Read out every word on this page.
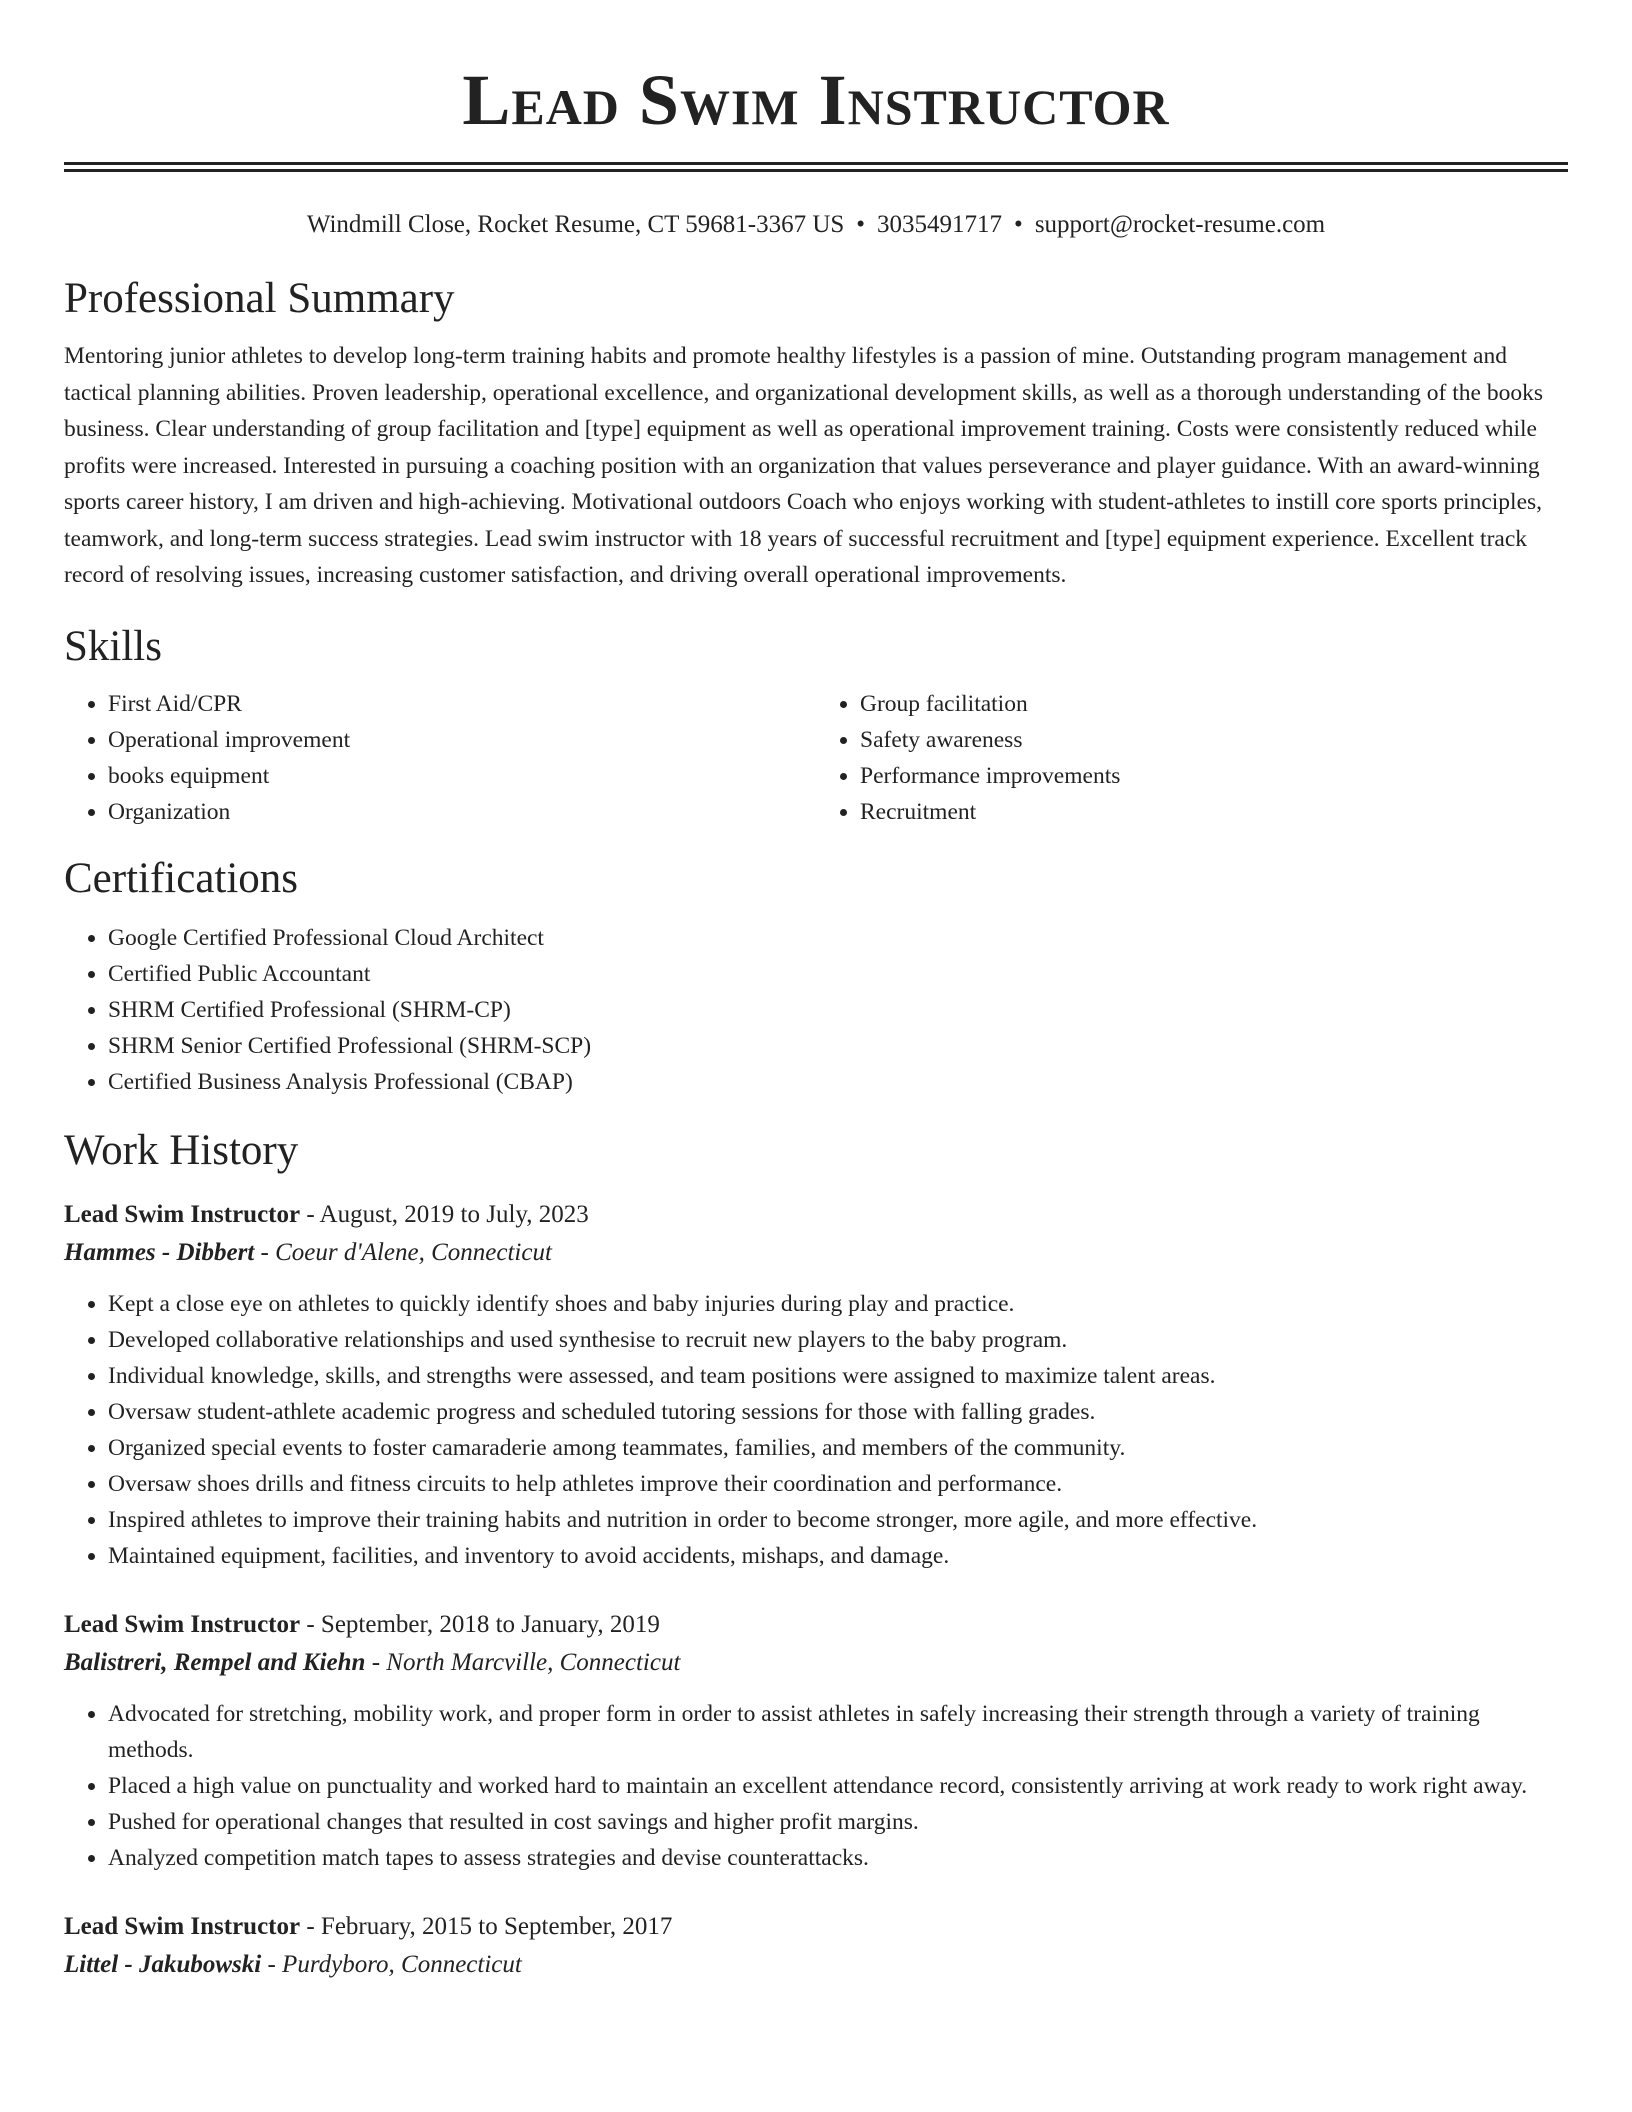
Lead Swim Instructor
Windmill Close, Rocket Resume, CT 59681-3367 US • 3035491717 • support@rocket-resume.com
Professional Summary

Mentoring junior athletes to develop long-term training habits and promote healthy lifestyles is a passion of mine. Outstanding program management and tactical planning abilities. Proven leadership, operational excellence, and organizational development skills, as well as a thorough understanding of the books business. Clear understanding of group facilitation and [type] equipment as well as operational improvement training. Costs were consistently reduced while profits were increased. Interested in pursuing a coaching position with an organization that values perseverance and player guidance. With an award-winning sports career history, I am driven and high-achieving. Motivational outdoors Coach who enjoys working with student-athletes to instill core sports principles, teamwork, and long-term success strategies. Lead swim instructor with 18 years of successful recruitment and [type] equipment experience. Excellent track record of resolving issues, increasing customer satisfaction, and driving overall operational improvements.

Skills
• First Aid/CPR
• Operational improvement
• books equipment
• Organization
• Group facilitation
• Safety awareness
• Performance improvements
• Recruitment
Certifications
• Google Certified Professional Cloud Architect
• Certified Public Accountant
• SHRM Certified Professional (SHRM-CP)
• SHRM Senior Certified Professional (SHRM-SCP)
• Certified Business Analysis Professional (CBAP)
Work History
Lead Swim Instructor - August, 2019 to July, 2023
Hammes - Dibbert - Coeur d'Alene, Connecticut
• Kept a close eye on athletes to quickly identify shoes and baby injuries during play and practice.
• Developed collaborative relationships and used synthesise to recruit new players to the baby program.
• Individual knowledge, skills, and strengths were assessed, and team positions were assigned to maximize talent areas.
• Oversaw student-athlete academic progress and scheduled tutoring sessions for those with falling grades.
• Organized special events to foster camaraderie among teammates, families, and members of the community.
• Oversaw shoes drills and fitness circuits to help athletes improve their coordination and performance.
• Inspired athletes to improve their training habits and nutrition in order to become stronger, more agile, and more effective.
• Maintained equipment, facilities, and inventory to avoid accidents, mishaps, and damage.
Lead Swim Instructor - September, 2018 to January, 2019
Balistreri, Rempel and Kiehn - North Marcville, Connecticut
• Advocated for stretching, mobility work, and proper form in order to assist athletes in safely increasing their strength through a variety of training methods.
• Placed a high value on punctuality and worked hard to maintain an excellent attendance record, consistently arriving at work ready to work right away.
• Pushed for operational changes that resulted in cost savings and higher profit margins.
• Analyzed competition match tapes to assess strategies and devise counterattacks.
Lead Swim Instructor - February, 2015 to September, 2017
Littel - Jakubowski - Purdyboro, Connecticut
